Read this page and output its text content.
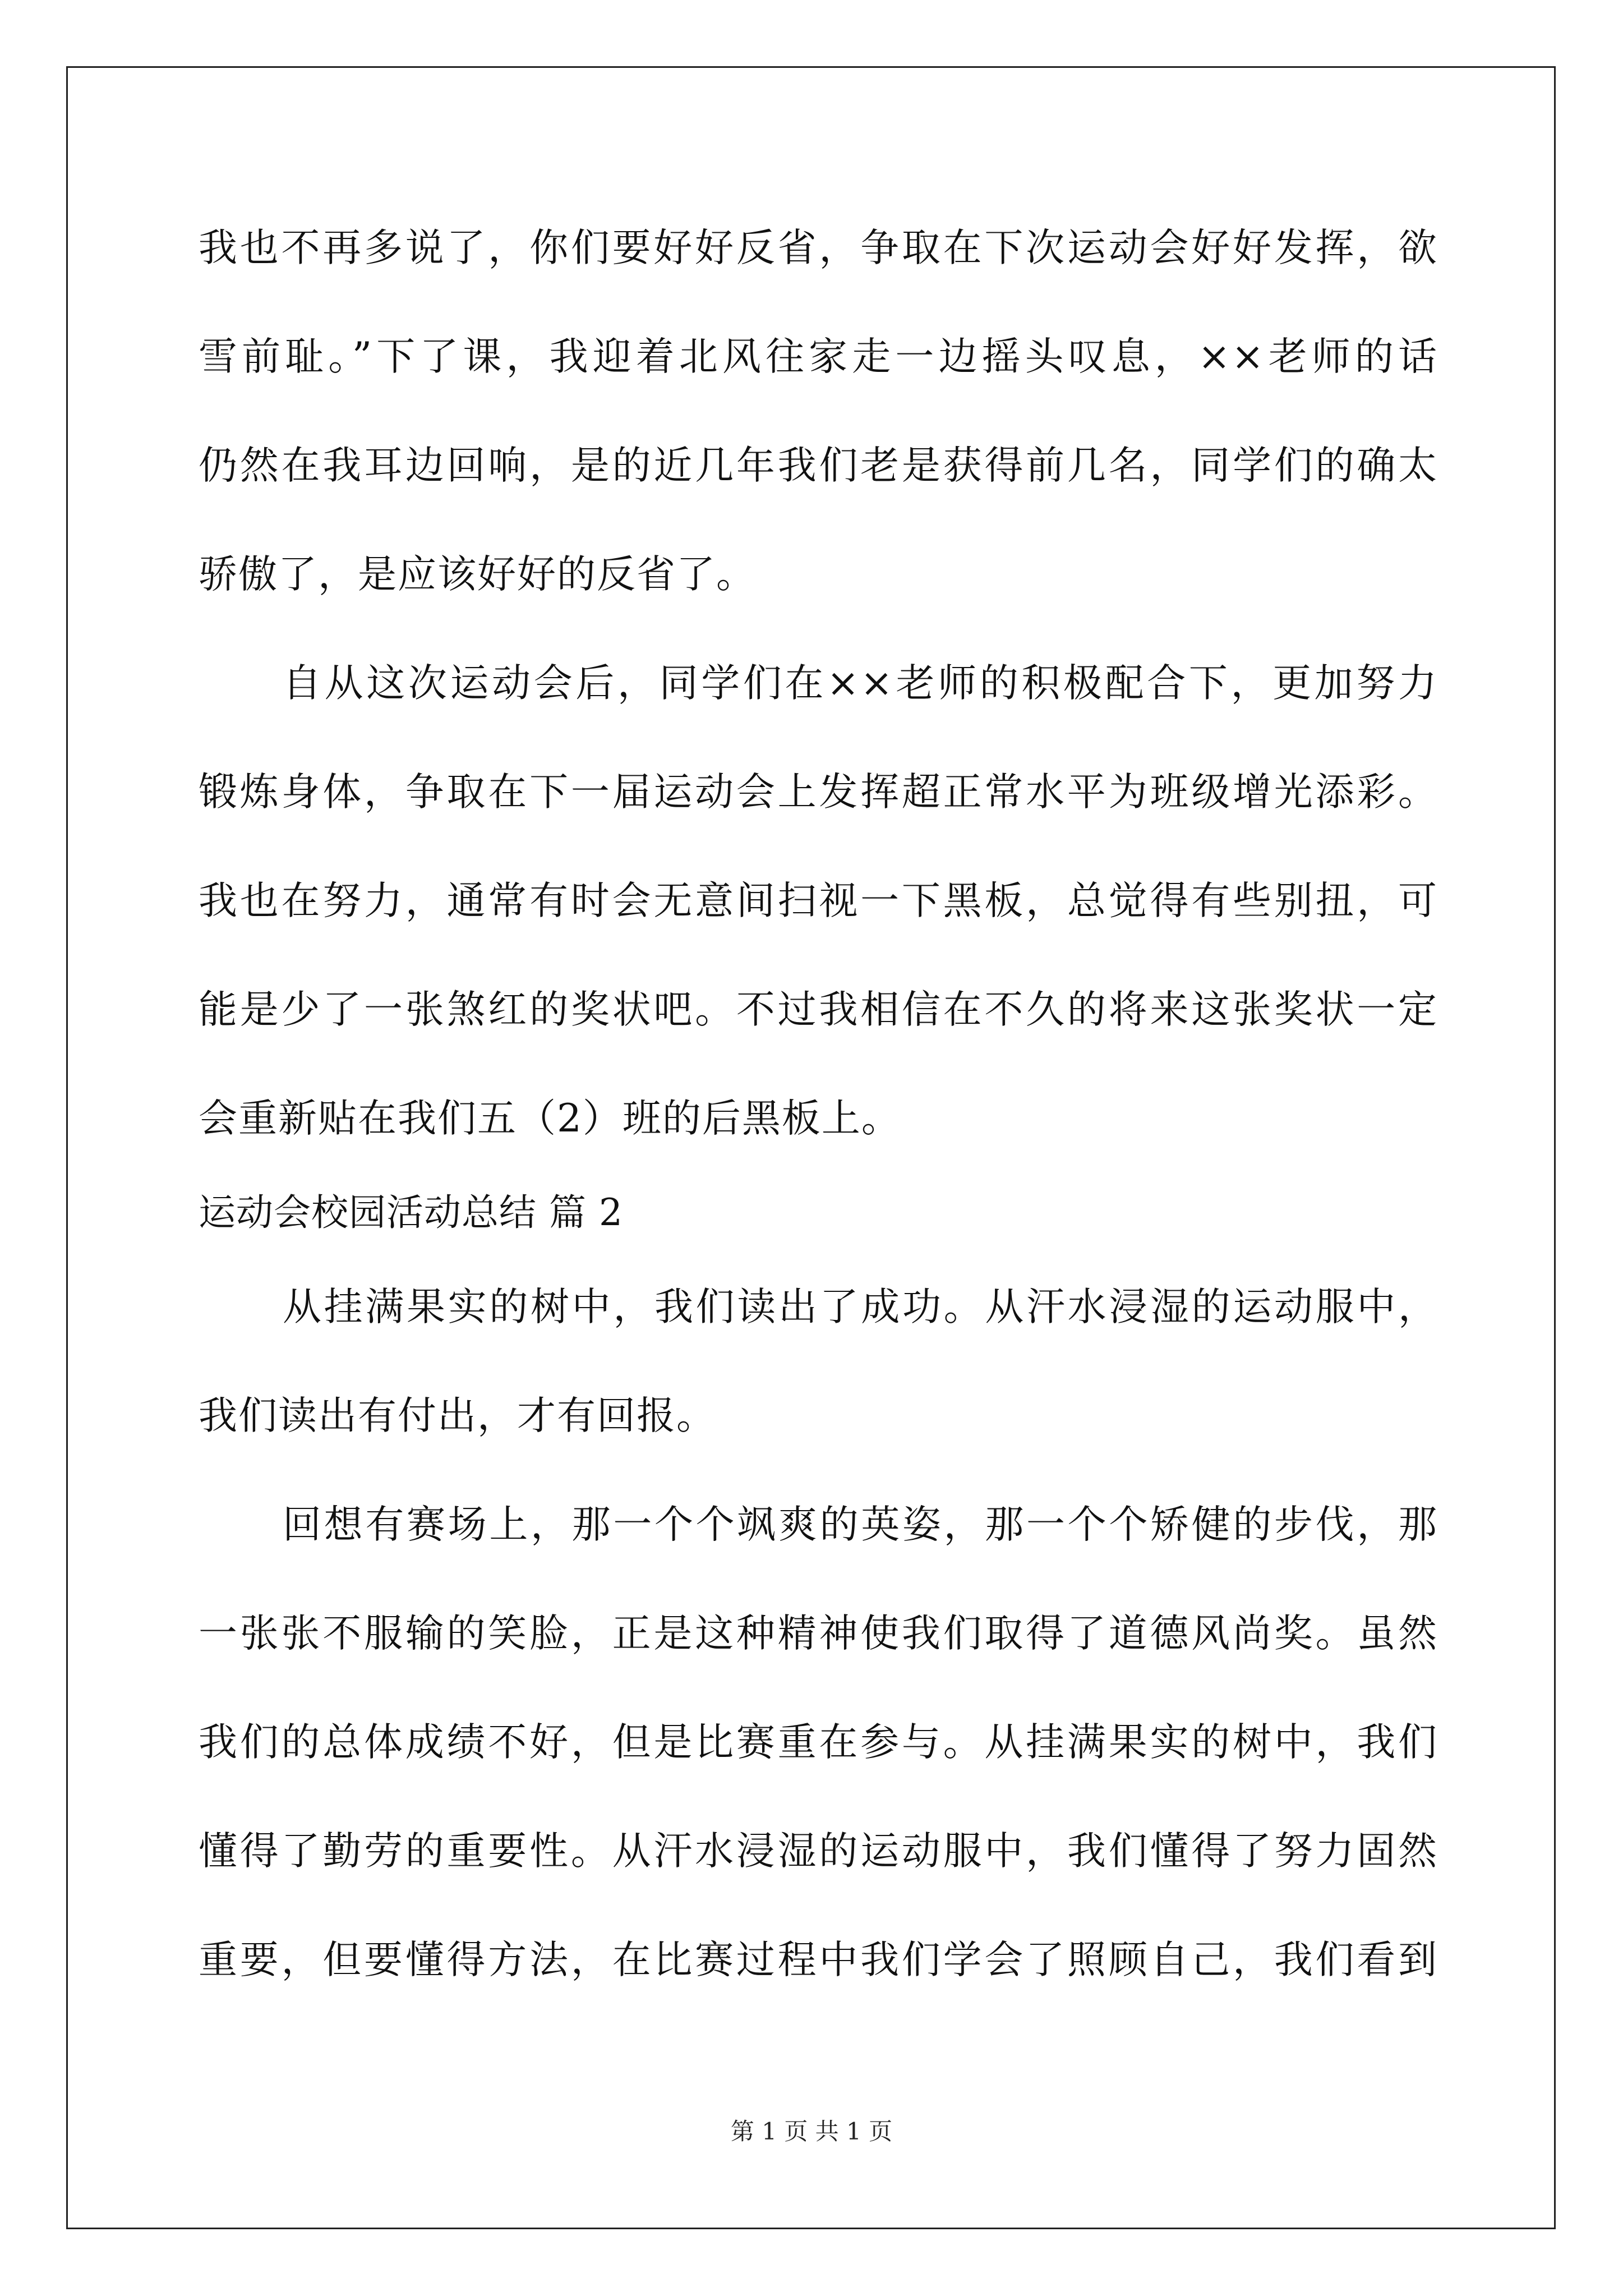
我也不再多说了，你们要好好反省，争取在下次运动会好好发挥，欲
雪前耻。”下了课，我迎着北风往家走一边摇头叹息，××老师的话
仍然在我耳边回响，是的近几年我们老是获得前几名，同学们的确太
骄傲了，是应该好好的反省了。
自从这次运动会后，同学们在××老师的积极配合下，更加努力
锻炼身体，争取在下一届运动会上发挥超正常水平为班级增光添彩。
我也在努力，通常有时会无意间扫视一下黑板，总觉得有些别扭，可
能是少了一张煞红的奖状吧。不过我相信在不久的将来这张奖状一定
会重新贴在我们五（2）班的后黑板上。
运动会校园活动总结 篇 2
从挂满果实的树中，我们读出了成功。从汗水浸湿的运动服中，
我们读出有付出，才有回报。
回想有赛场上，那一个个飒爽的英姿，那一个个矫健的步伐，那
一张张不服输的笑脸，正是这种精神使我们取得了道德风尚奖。虽然
我们的总体成绩不好，但是比赛重在参与。从挂满果实的树中，我们
懂得了勤劳的重要性。从汗水浸湿的运动服中，我们懂得了努力固然
重要，但要懂得方法，在比赛过程中我们学会了照顾自己，我们看到
第 1 页 共 1 页
